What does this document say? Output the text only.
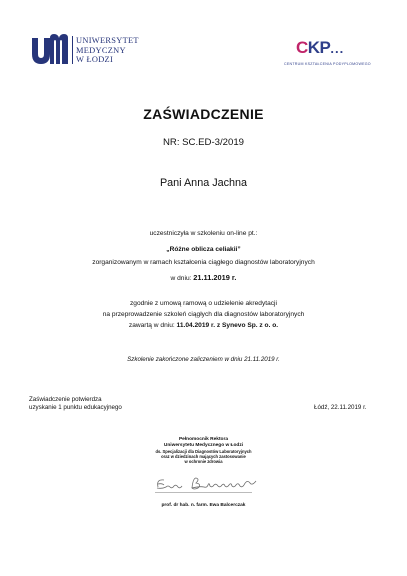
UNIWERSYTET
MEDYCZNY
W ŁODZI
CKP...
CENTRUM KSZTAŁCENIA PODYPLOMOWEGO
ZAŚWIADCZENIE
NR: SC.ED-3/2019
Pani Anna Jachna
uczestniczyła w szkoleniu on-line pt.:
„Różne oblicza celiakii”
zorganizowanym w ramach kształcenia ciągłego diagnostów laboratoryjnych
w dniu: 21.11.2019 r.
zgodnie z umową ramową o udzielenie akredytacji
na przeprowadzenie szkoleń ciągłych dla diagnostów laboratoryjnych
zawartą w dniu: 11.04.2019 r. z Synevo Sp. z o. o.
Szkolenie zakończone zaliczeniem w dniu 21.11.2019 r.
Zaświadczenie potwierdza
uzyskanie 1 punktu edukacyjnego	Łódź, 22.11.2019 r.
Pełnomocnik Rektora
Uniwersytetu Medycznego w Łodzi
ds. Specjalizacji dla Diagnostów Laboratoryjnych
oraz w dziedzinach mających zastosowanie
w ochronie zdrowia
prof. dr hab. n. farm. Ewa Balcerczak
